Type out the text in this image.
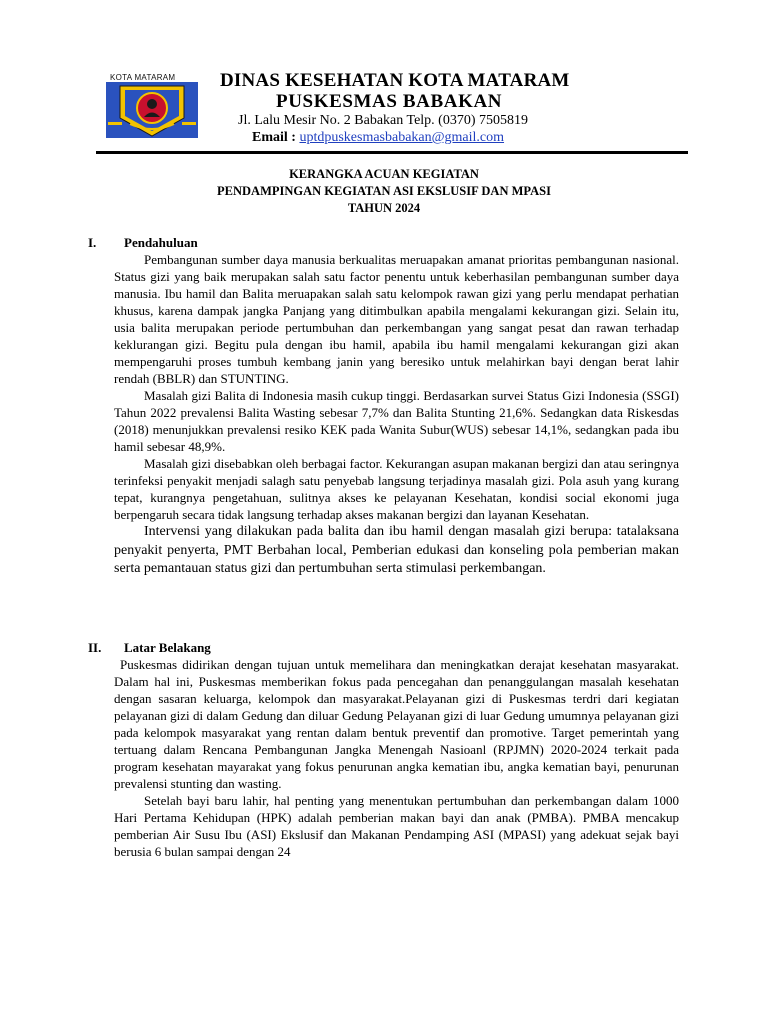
KOTA MATARAM DINAS KESEHATAN KOTA MATARAM
PUSKESMAS BABAKAN
Jl. Lalu Mesir No. 2 Babakan Telp. (0370) 7505819
Email : uptdpuskesmasbabakan@gmail.com
KERANGKA ACUAN KEGIATAN
PENDAMPINGAN KEGIATAN ASI EKSLUSIF DAN MPASI
TAHUN 2024
I. Pendahuluan

Pembangunan sumber daya manusia berkualitas meruapakan amanat prioritas pembangunan nasional. Status gizi yang baik merupakan salah satu factor penentu untuk keberhasilan pembangunan sumber daya manusia. Ibu hamil dan Balita meruapakan salah satu kelompok rawan gizi yang perlu mendapat perhatian khusus, karena dampak jangka Panjang yang ditimbulkan apabila mengalami kekurangan gizi. Selain itu, usia balita merupakan periode pertumbuhan dan perkembangan yang sangat pesat dan rawan terhadap keklurangan gizi. Begitu pula dengan ibu hamil, apabila ibu hamil mengalami kekurangan gizi akan mempengaruhi proses tumbuh kembang janin yang beresiko untuk melahirkan bayi dengan berat lahir rendah (BBLR) dan STUNTING.

Masalah gizi Balita di Indonesia masih cukup tinggi. Berdasarkan survei Status Gizi Indonesia (SSGI) Tahun 2022 prevalensi Balita Wasting sebesar 7,7% dan Balita Stunting 21,6%. Sedangkan data Riskesdas (2018) menunjukkan prevalensi resiko KEK pada Wanita Subur(WUS) sebesar 14,1%, sedangkan pada ibu hamil sebesar 48,9%.

Masalah gizi disebabkan oleh berbagai factor. Kekurangan asupan makanan bergizi dan atau seringnya terinfeksi penyakit menjadi salagh satu penyebab langsung terjadinya masalah gizi. Pola asuh yang kurang tepat, kurangnya pengetahuan, sulitnya akses ke pelayanan Kesehatan, kondisi social ekonomi juga berpengaruh secara tidak langsung terhadap akses makanan bergizi dan layanan Kesehatan.

Intervensi yang dilakukan pada balita dan ibu hamil dengan masalah gizi berupa: tatalaksana penyakit penyerta, PMT Berbahan local, Pemberian edukasi dan konseling pola pemberian makan serta pemantauan status gizi dan pertumbuhan serta stimulasi perkembangan.

II. Latar Belakang

Puskesmas didirikan dengan tujuan untuk memelihara dan meningkatkan derajat kesehatan masyarakat. Dalam hal ini, Puskesmas memberikan fokus pada pencegahan dan penanggulangan masalah kesehatan dengan sasaran keluarga, kelompok dan masyarakat.Pelayanan gizi di Puskesmas terdri dari kegiatan pelayanan gizi di dalam Gedung dan diluar Gedung Pelayanan gizi di luar Gedung umumnya pelayanan gizi pada kelompok masyarakat yang rentan dalam bentuk preventif dan promotive. Target pemerintah yang tertuang dalam Rencana Pembangunan Jangka Menengah Nasioanl (RPJMN) 2020-2024 terkait pada program kesehatan mayarakat yang fokus penurunan angka kematian ibu, angka kematian bayi, penurunan prevalensi stunting dan wasting.

Setelah bayi baru lahir, hal penting yang menentukan pertumbuhan dan perkembangan dalam 1000 Hari Pertama Kehidupan (HPK) adalah pemberian makan bayi dan anak (PMBA). PMBA mencakup pemberian Air Susu Ibu (ASI) Ekslusif dan Makanan Pendamping ASI (MPASI) yang adekuat sejak bayi berusia 6 bulan sampai dengan 24
